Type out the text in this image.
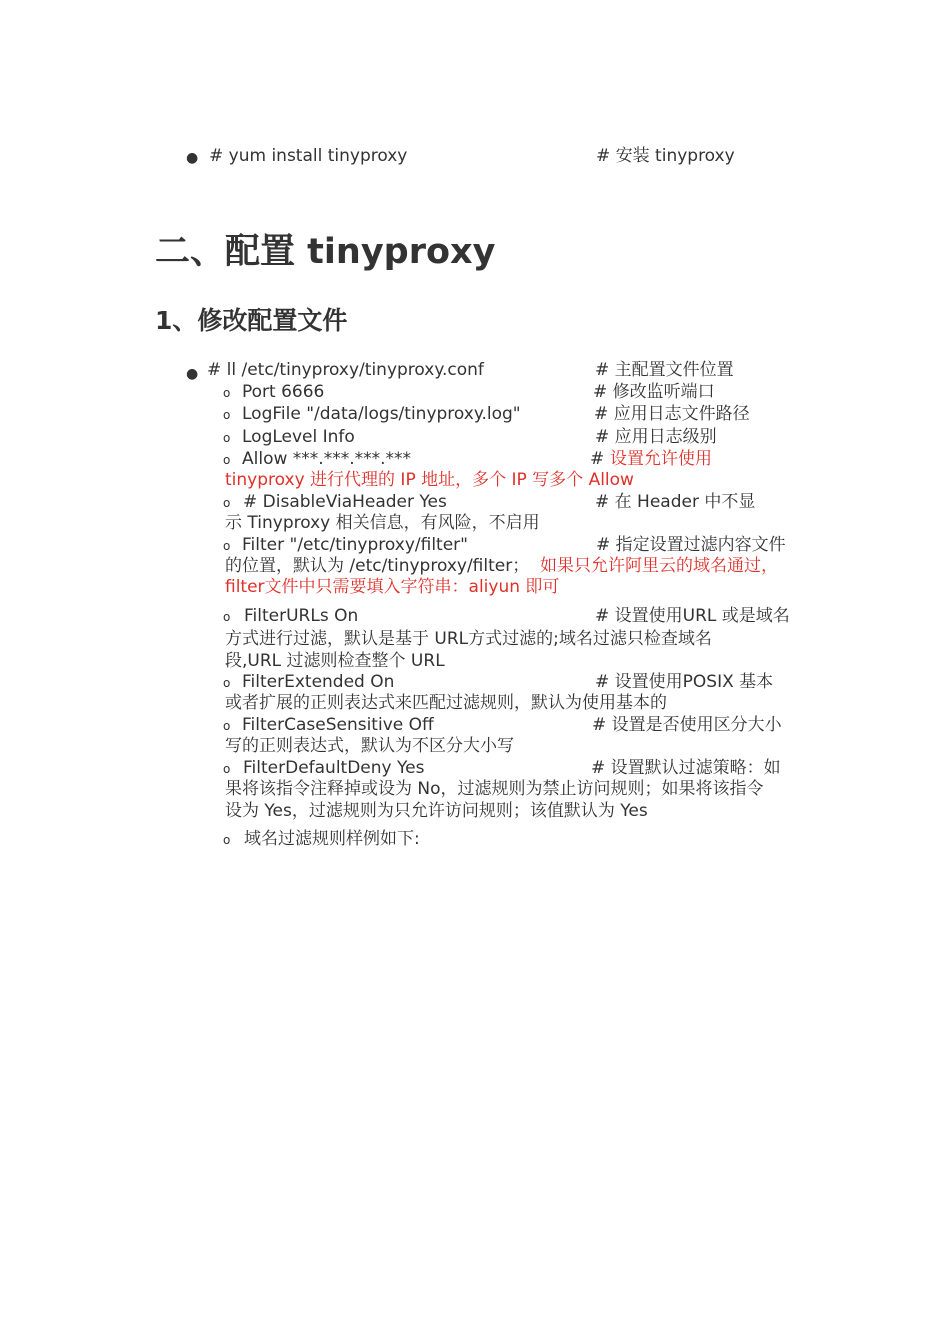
● # yum install tinyproxy	# 安装 tinyproxy
二、配置 tinyproxy
1、修改配置文件
● # ll /etc/tinyproxy/tinyproxy.conf	# 主配置文件位置
o Port 6666	# 修改监听端口
o LogFile "/data/logs/tinyproxy.log"	# 应用日志文件路径
o LogLevel Info	# 应用日志级别
o Allow ***.***.***.***	# 设置允许使用
tinyproxy 进行代理的 IP 地址，多个 IP 写多个 Allow
o # DisableViaHeader Yes	# 在 Header 中不显
示 Tinyproxy 相关信息，有风险，不启用
o Filter "/etc/tinyproxy/filter"	# 指定设置过滤内容文件
的位置，默认为 /etc/tinyproxy/filter； 如果只允许阿里云的域名通过，
filter文件中只需要填入字符串：aliyun 即可
o FilterURLs On	# 设置使用URL 或是域名
方式进行过滤，默认是基于 URL方式过滤的;域名过滤只检查域名
段,URL 过滤则检查整个 URL
o FilterExtended On	# 设置使用POSIX 基本
或者扩展的正则表达式来匹配过滤规则，默认为使用基本的
o FilterCaseSensitive Off	# 设置是否使用区分大小
写的正则表达式，默认为不区分大小写
o FilterDefaultDeny Yes	# 设置默认过滤策略：如
果将该指令注释掉或设为 No，过滤规则为禁止访问规则；如果将该指令
设为 Yes，过滤规则为只允许访问规则；该值默认为 Yes
o 域名过滤规则样例如下:
